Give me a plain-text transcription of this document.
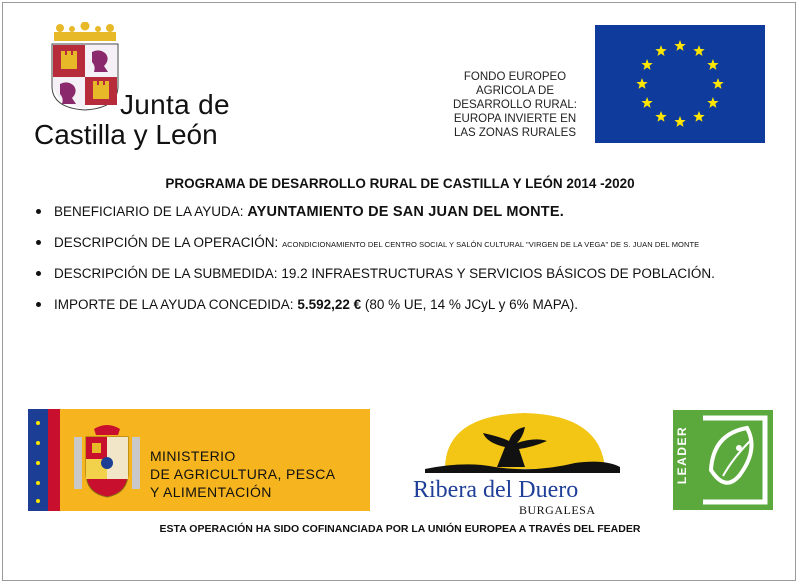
Junta de
Castilla y León
FONDO EUROPEO
AGRICOLA DE
DESARROLLO RURAL:
EUROPA INVIERTE EN
LAS ZONAS RURALES
PROGRAMA DE DESARROLLO RURAL DE CASTILLA Y LEÓN 2014 -2020
BENEFICIARIO DE LA AYUDA: AYUNTAMIENTO DE SAN JUAN DEL MONTE.
DESCRIPCIÓN DE LA OPERACIÓN: ACONDICIONAMIENTO DEL CENTRO SOCIAL Y SALÓN CULTURAL "VIRGEN DE LA VEGA" DE S. JUAN DEL MONTE
DESCRIPCIÓN DE LA SUBMEDIDA: 19.2 INFRAESTRUCTURAS Y SERVICIOS BÁSICOS DE POBLACIÓN.
IMPORTE DE LA AYUDA CONCEDIDA: 5.592,22 € (80 % UE, 14 % JCyL y 6% MAPA).
MINISTERIO
DE AGRICULTURA, PESCA
Y ALIMENTACIÓN	Ribera del Duero
BURGALESA
LEADER
ESTA OPERACIÓN HA SIDO COFINANCIADA POR LA UNIÓN EUROPEA A TRAVÉS DEL FEADER
